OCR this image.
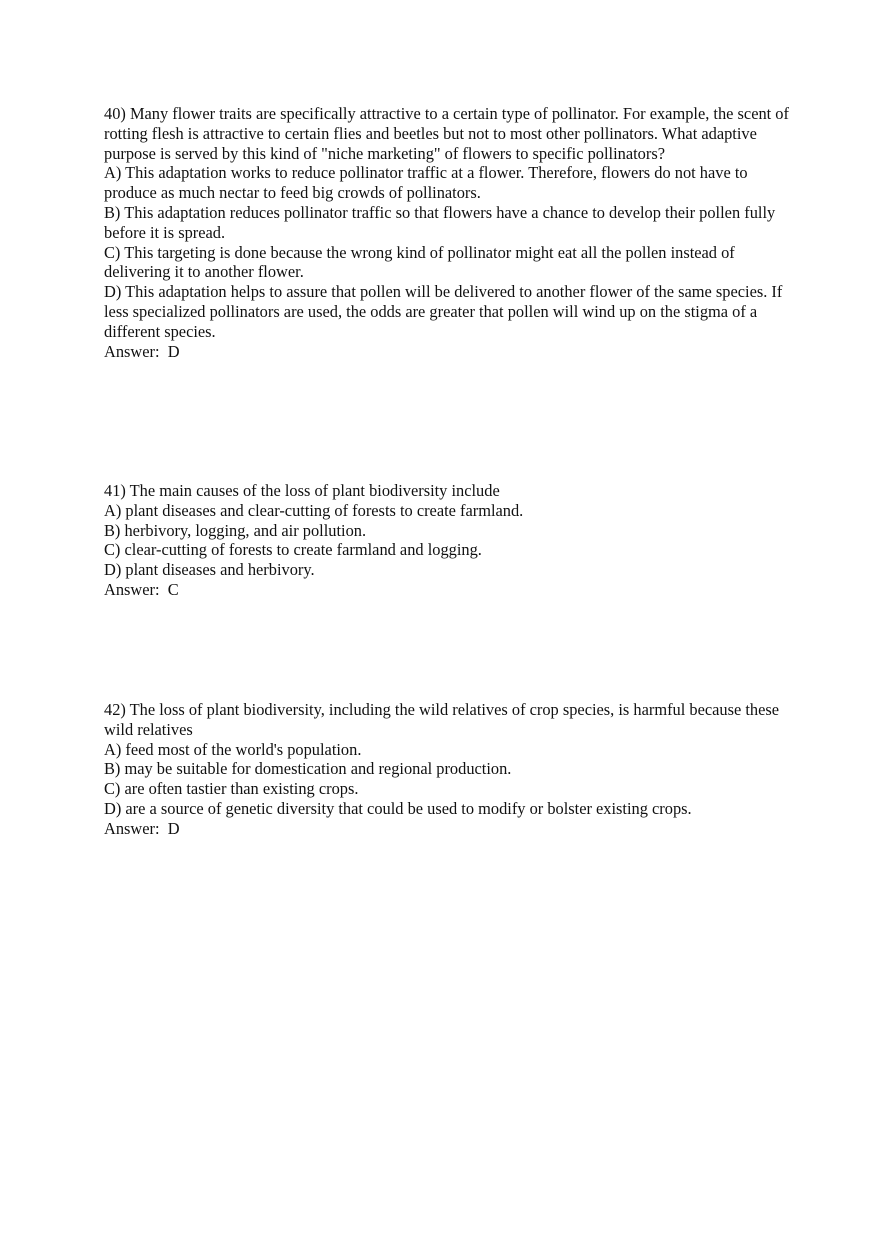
40) Many flower traits are specifically attractive to a certain type of pollinator. For example, the scent of rotting flesh is attractive to certain flies and beetles but not to most other pollinators. What adaptive purpose is served by this kind of "niche marketing" of flowers to specific pollinators?
A) This adaptation works to reduce pollinator traffic at a flower. Therefore, flowers do not have to produce as much nectar to feed big crowds of pollinators.
B) This adaptation reduces pollinator traffic so that flowers have a chance to develop their pollen fully before it is spread.
C) This targeting is done because the wrong kind of pollinator might eat all the pollen instead of delivering it to another flower.
D) This adaptation helps to assure that pollen will be delivered to another flower of the same species. If less specialized pollinators are used, the odds are greater that pollen will wind up on the stigma of a different species.
Answer:  D
41) The main causes of the loss of plant biodiversity include
A) plant diseases and clear-cutting of forests to create farmland.
B) herbivory, logging, and air pollution.
C) clear-cutting of forests to create farmland and logging.
D) plant diseases and herbivory.
Answer:  C
42) The loss of plant biodiversity, including the wild relatives of crop species, is harmful because these wild relatives
A) feed most of the world's population.
B) may be suitable for domestication and regional production.
C) are often tastier than existing crops.
D) are a source of genetic diversity that could be used to modify or bolster existing crops.
Answer:  D
